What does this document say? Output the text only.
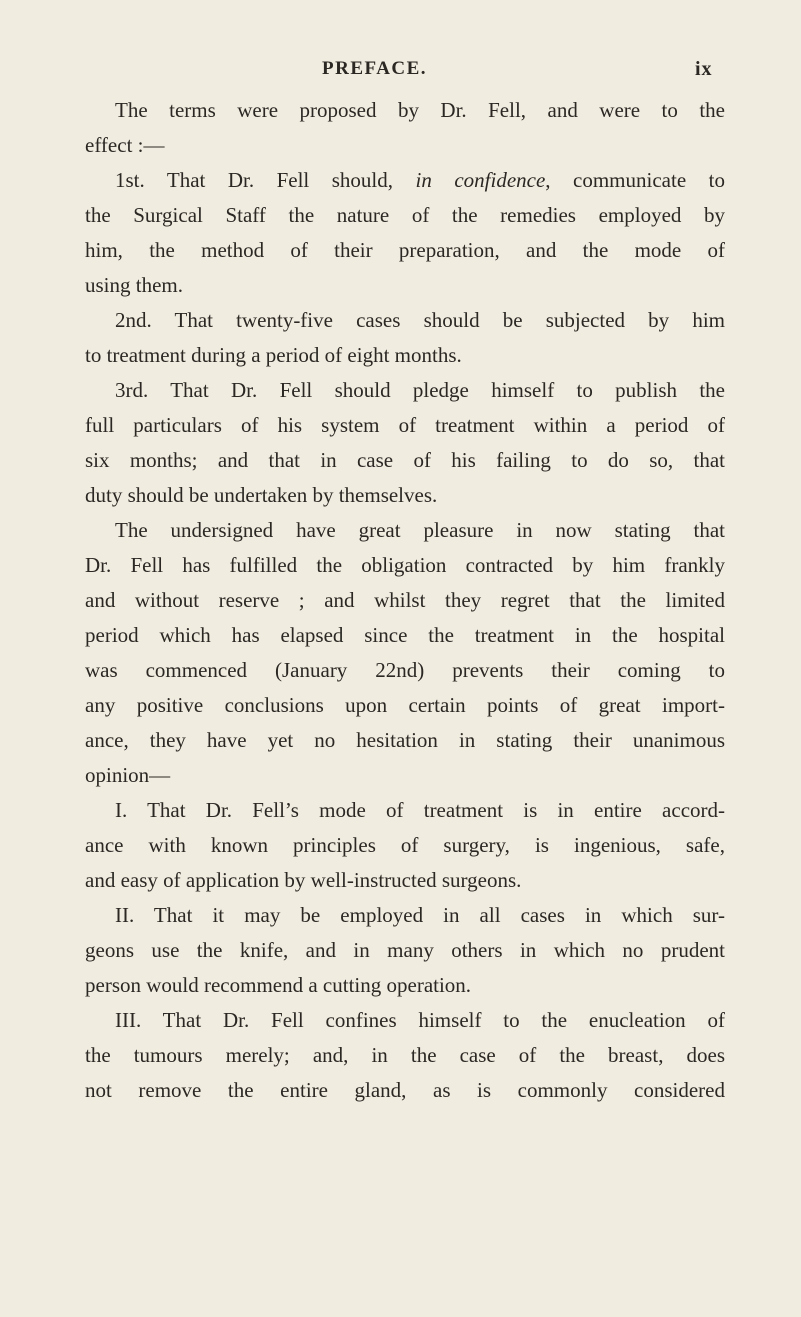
PREFACE.	ix
The terms were proposed by Dr. Fell, and were to the
effect :—
1st. That Dr. Fell should, in confidence, communicate to
the Surgical Staff the nature of the remedies employed by
him, the method of their preparation, and the mode of
using them.
2nd. That twenty-five cases should be subjected by him
to treatment during a period of eight months.
3rd. That Dr. Fell should pledge himself to publish the
full particulars of his system of treatment within a period of
six months; and that in case of his failing to do so, that
duty should be undertaken by themselves.
The undersigned have great pleasure in now stating that
Dr. Fell has fulfilled the obligation contracted by him frankly
and without reserve ; and whilst they regret that the limited
period which has elapsed since the treatment in the hospital
was commenced (January 22nd) prevents their coming to
any positive conclusions upon certain points of great import-
ance, they have yet no hesitation in stating their unanimous
opinion—
I. That Dr. Fell’s mode of treatment is in entire accord-
ance with known principles of surgery, is ingenious, safe,
and easy of application by well-instructed surgeons.
II. That it may be employed in all cases in which sur-
geons use the knife, and in many others in which no prudent
person would recommend a cutting operation.
III. That Dr. Fell confines himself to the enucleation of
the tumours merely; and, in the case of the breast, does
not remove the entire gland, as is commonly considered
